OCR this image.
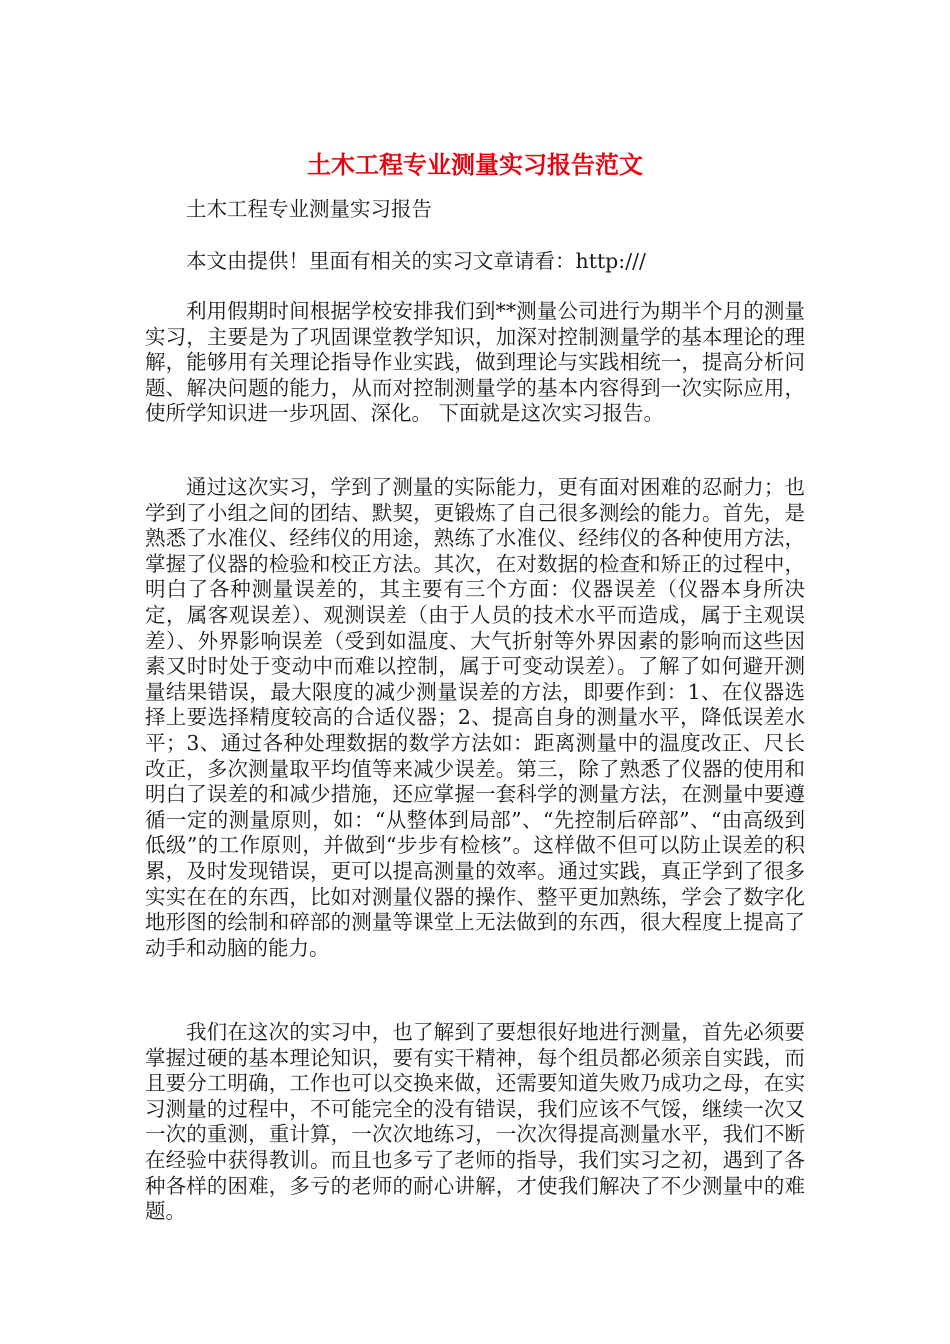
土木工程专业测量实习报告范文

土木工程专业测量实习报告

本文由提供！里面有相关的实习文章请看：http:///

利用假期时间根据学校安排我们到**测量公司进行为期半个月的测量实习，主要是为了巩固课堂教学知识，加深对控制测量学的基本理论的理解，能够用有关理论指导作业实践，做到理论与实践相统一，提高分析问题、解决问题的能力，从而对控制测量学的基本内容得到一次实际应用，使所学知识进一步巩固、深化。 下面就是这次实习报告。

通过这次实习，学到了测量的实际能力，更有面对困难的忍耐力；也学到了小组之间的团结、默契，更锻炼了自己很多测绘的能力。首先，是熟悉了水准仪、经纬仪的用途，熟练了水准仪、经纬仪的各种使用方法，掌握了仪器的检验和校正方法。其次，在对数据的检查和矫正的过程中，明白了各种测量误差的，其主要有三个方面：仪器误差（仪器本身所决定，属客观误差）、观测误差（由于人员的技术水平而造成，属于主观误差）、外界影响误差（受到如温度、大气折射等外界因素的影响而这些因素又时时处于变动中而难以控制，属于可变动误差）。了解了如何避开测量结果错误，最大限度的减少测量误差的方法，即要作到：1、在仪器选择上要选择精度较高的合适仪器；2、提高自身的测量水平，降低误差水平；3、通过各种处理数据的数学方法如：距离测量中的温度改正、尺长改正，多次测量取平均值等来减少误差。第三，除了熟悉了仪器的使用和明白了误差的和减少措施，还应掌握一套科学的测量方法，在测量中要遵循一定的测量原则，如：“从整体到局部”、“先控制后碎部”、“由高级到低级”的工作原则，并做到“步步有检核”。这样做不但可以防止误差的积累，及时发现错误，更可以提高测量的效率。通过实践，真正学到了很多实实在在的东西，比如对测量仪器的操作、整平更加熟练，学会了数字化地形图的绘制和碎部的测量等课堂上无法做到的东西，很大程度上提高了动手和动脑的能力。

我们在这次的实习中，也了解到了要想很好地进行测量，首先必须要掌握过硬的基本理论知识，要有实干精神，每个组员都必须亲自实践，而且要分工明确，工作也可以交换来做，还需要知道失败乃成功之母，在实习测量的过程中，不可能完全的没有错误，我们应该不气馁，继续一次又一次的重测，重计算，一次次地练习，一次次得提高测量水平，我们不断在经验中获得教训。而且也多亏了老师的指导，我们实习之初，遇到了各种各样的困难，多亏的老师的耐心讲解，才使我们解决了不少测量中的难题。
